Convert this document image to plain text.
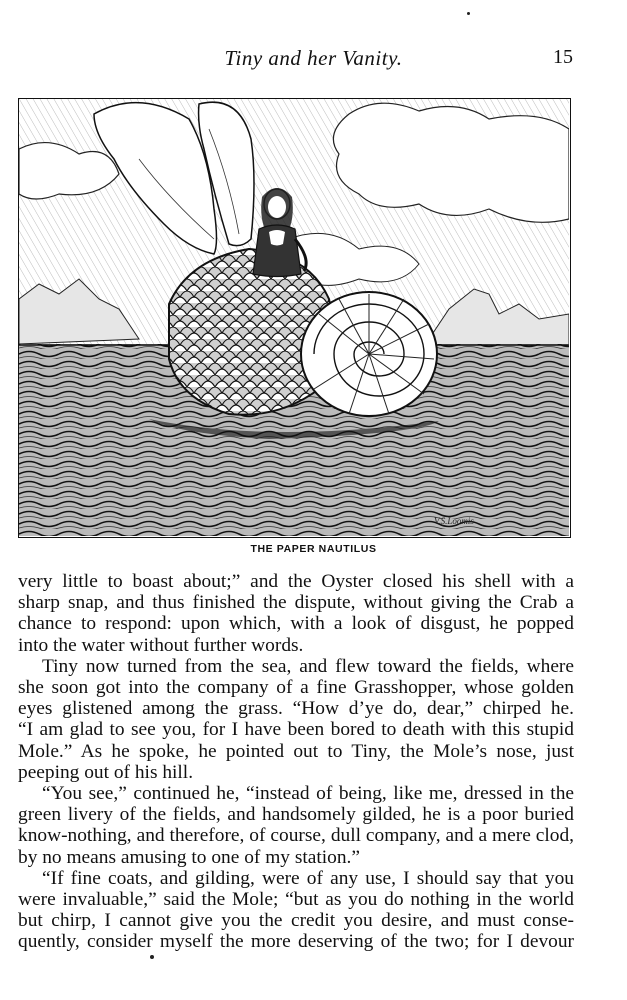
Tiny and her Vanity.	15
V.S.Loomis
THE PAPER NAUTILUS

very little to boast about;” and the Oyster closed his shell with a
sharp snap, and thus finished the dispute, without giving the Crab a
chance to respond: upon which, with a look of disgust, he popped
into the water without further words.

Tiny now turned from the sea, and flew toward the fields, where
she soon got into the company of a fine Grasshopper, whose golden
eyes glistened among the grass. “How d’ye do, dear,” chirped he.
“I am glad to see you, for I have been bored to death with this stupid
Mole.” As he spoke, he pointed out to Tiny, the Mole’s nose, just
peeping out of his hill.

“You see,” continued he, “instead of being, like me, dressed in the
green livery of the fields, and handsomely gilded, he is a poor buried
know-nothing, and therefore, of course, dull company, and a mere clod,
by no means amusing to one of my station.”

“If fine coats, and gilding, were of any use, I should say that you
were invaluable,” said the Mole; “but as you do nothing in the world
but chirp, I cannot give you the credit you desire, and must conse-
quently, consider myself the more deserving of the two; for I devour
